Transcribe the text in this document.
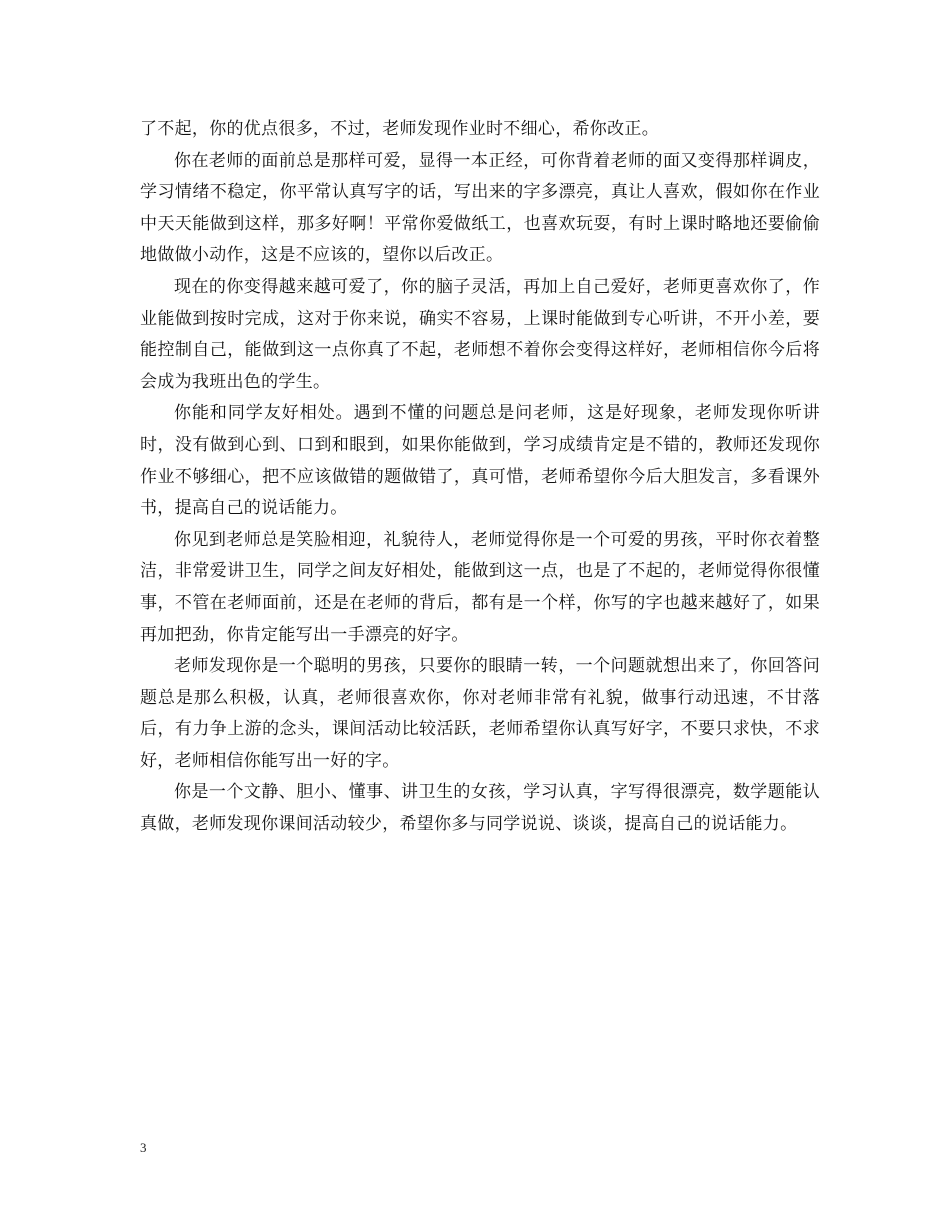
了不起，你的优点很多，不过，老师发现作业时不细心，希你改正。

你在老师的面前总是那样可爱，显得一本正经，可你背着老师的面又变得那样调皮，学习情绪不稳定，你平常认真写字的话，写出来的字多漂亮，真让人喜欢，假如你在作业中天天能做到这样，那多好啊！平常你爱做纸工，也喜欢玩耍，有时上课时略地还要偷偷地做做小动作，这是不应该的，望你以后改正。

现在的你变得越来越可爱了，你的脑子灵活，再加上自己爱好，老师更喜欢你了，作业能做到按时完成，这对于你来说，确实不容易，上课时能做到专心听讲，不开小差，要能控制自己，能做到这一点你真了不起，老师想不着你会变得这样好，老师相信你今后将会成为我班出色的学生。

你能和同学友好相处。遇到不懂的问题总是问老师，这是好现象，老师发现你听讲时，没有做到心到、口到和眼到，如果你能做到，学习成绩肯定是不错的，教师还发现你作业不够细心，把不应该做错的题做错了，真可惜，老师希望你今后大胆发言，多看课外书，提高自己的说话能力。

你见到老师总是笑脸相迎，礼貌待人，老师觉得你是一个可爱的男孩，平时你衣着整洁，非常爱讲卫生，同学之间友好相处，能做到这一点，也是了不起的，老师觉得你很懂事，不管在老师面前，还是在老师的背后，都有是一个样，你写的字也越来越好了，如果再加把劲，你肯定能写出一手漂亮的好字。

老师发现你是一个聪明的男孩，只要你的眼睛一转，一个问题就想出来了，你回答问题总是那么积极，认真，老师很喜欢你，你对老师非常有礼貌，做事行动迅速，不甘落后，有力争上游的念头，课间活动比较活跃，老师希望你认真写好字，不要只求快，不求好，老师相信你能写出一好的字。

你是一个文静、胆小、懂事、讲卫生的女孩，学习认真，字写得很漂亮，数学题能认真做，老师发现你课间活动较少，希望你多与同学说说、谈谈，提高自己的说话能力。

3
